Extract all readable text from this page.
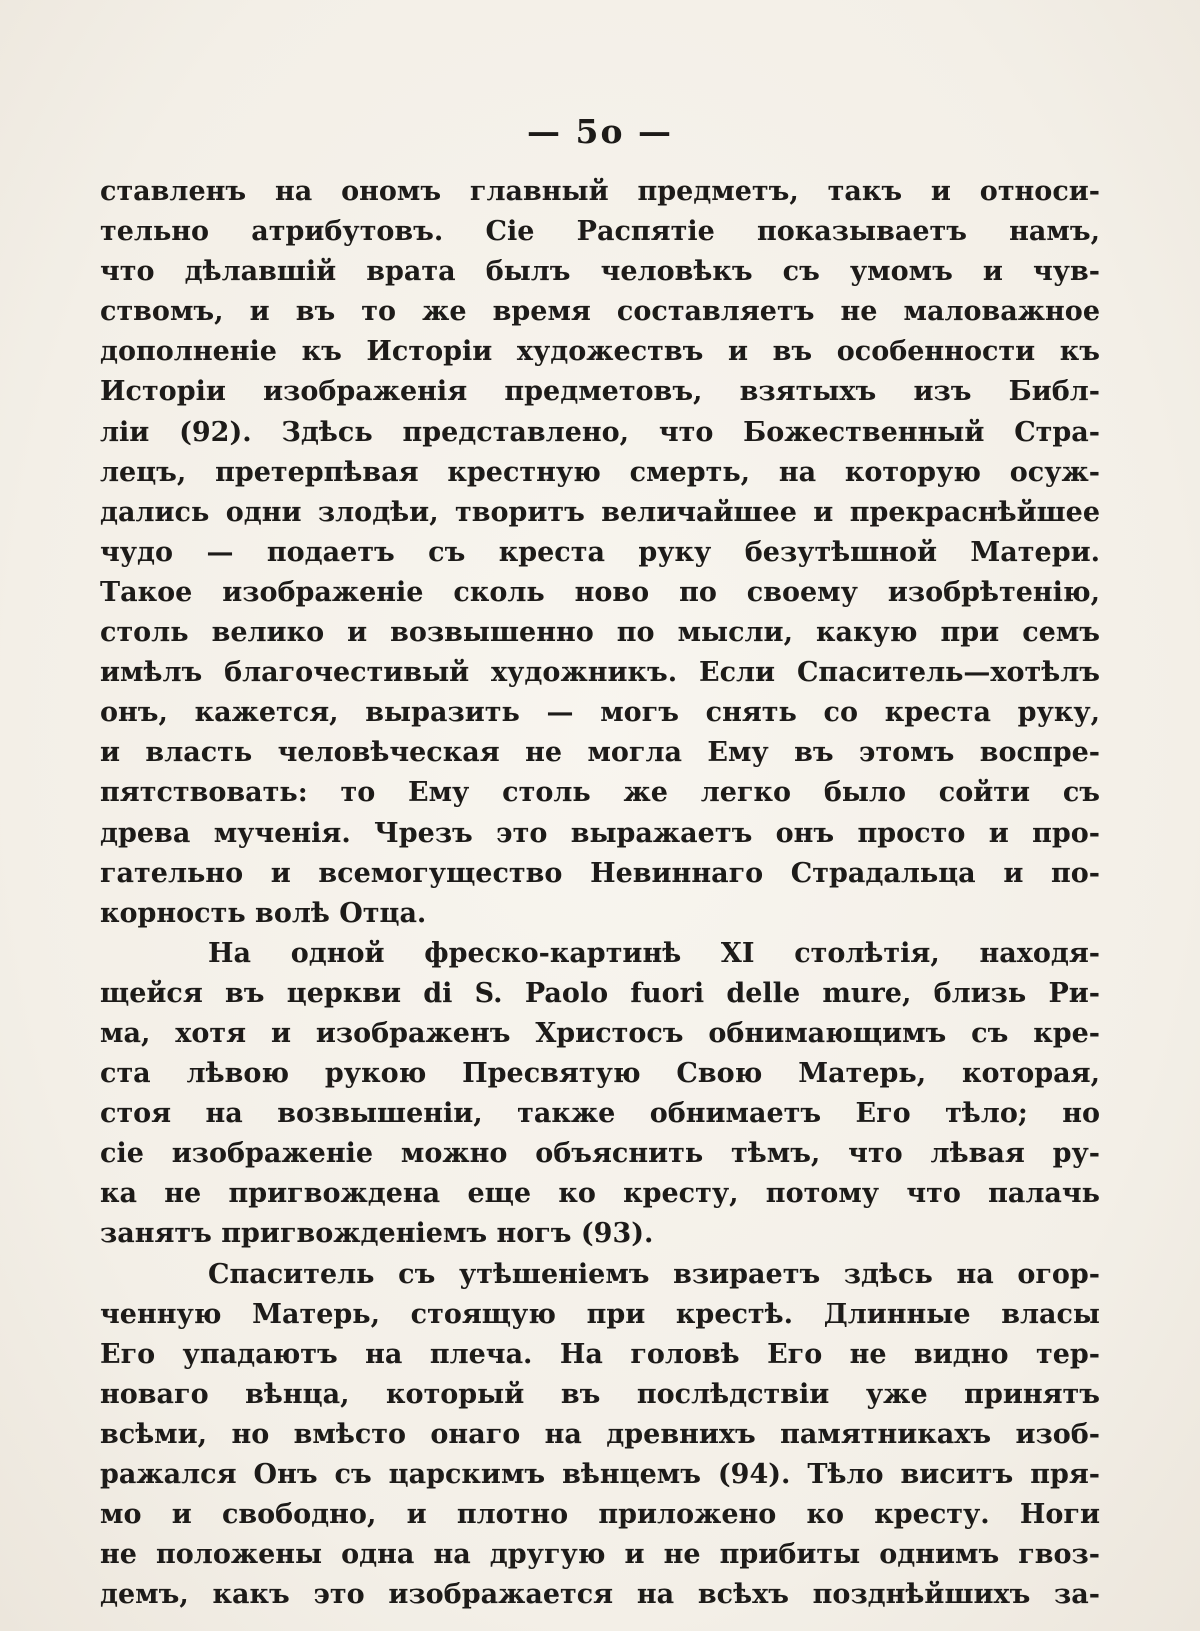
— 5о —

ставленъ на ономъ главный предметъ, такъ и относи-
тельно атрибутовъ. Сіе Распятіе показываетъ намъ,
что дѣлавшій врата былъ человѣкъ съ умомъ и чув-
ствомъ, и въ то же время составляетъ не маловажное
дополненіе къ Исторіи художествъ и въ особенности къ
Исторіи изображенія предметовъ, взятыхъ изъ Библ-
ліи (92). Здѣсь представлено, что Божественный Стра-
лецъ, претерпѣвая крестную смерть, на которую осуж-
дались одни злодѣи, творитъ величайшее и прекраснѣйшее
чудо — подаетъ съ креста руку безутѣшной Матери.
Такое изображеніе сколь ново по своему изобрѣтенію,
столь велико и возвышенно по мысли, какую при семъ
имѣлъ благочестивый художникъ. Если Спаситель—хотѣлъ
онъ, кажется, выразить — могъ снять со креста руку,
и власть человѣческая не могла Ему въ этомъ воспре-
пятствовать: то Ему столь же легко было сойти съ
древа мученія. Чрезъ это выражаетъ онъ просто и про-
гательно и всемогущество Невиннаго Страдальца и по-
корность волѣ Отца.
На одной фреско-картинѣ XI столѣтія, находя-
щейся въ церкви di S. Paolo fuori delle mure, близь Ри-
ма, хотя и изображенъ Христосъ обнимающимъ съ кре-
ста лѣвою рукою Пресвятую Свою Матерь, которая,
стоя на возвышеніи, также обнимаетъ Его тѣло; но
сіе изображеніе можно объяснить тѣмъ, что лѣвая ру-
ка не пригвождена еще ко кресту, потому что палачь
занятъ пригвожденіемъ ногъ (93).
Спаситель съ утѣшеніемъ взираетъ здѣсь на огор-
ченную Матерь, стоящую при крестѣ. Длинные власы
Его упадаютъ на плеча. На головѣ Его не видно тер-
новаго вѣнца, который въ послѣдствіи уже принятъ
всѣми, но вмѣсто онаго на древнихъ памятникахъ изоб-
ражался Онъ съ царскимъ вѣнцемъ (94). Тѣло виситъ пря-
мо и свободно, и плотно приложено ко кресту. Ноги
не положены одна на другую и не прибиты однимъ гвоз-
демъ, какъ это изображается на всѣхъ позднѣйшихъ за-
